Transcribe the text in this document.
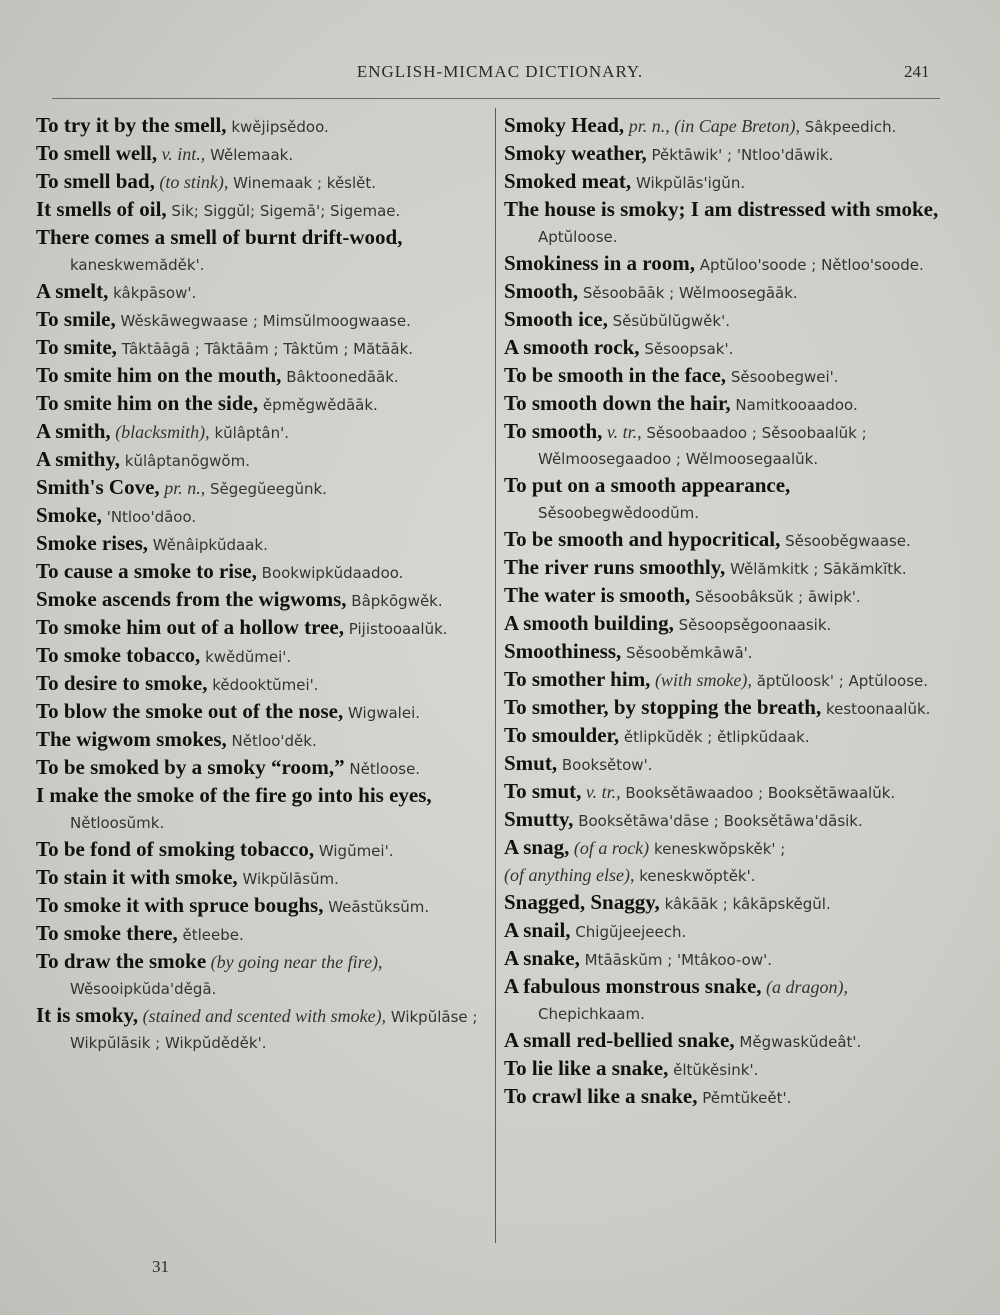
ENGLISH-MICMAC DICTIONARY.	241

To try it by the smell, kwějipsědoo.

To smell well, v. int., Wělemaak.

To smell bad, (to stink), Winemaak ; kěslět.

It smells of oil, Sik; Siggŭl; Sigemā'; Sigemae.

There comes a smell of burnt drift-wood, kaneskwemăděk'.

A smelt, kâkpāsow'.

To smile, Wěskāwegwaase ; Mimsŭlmoogwaase.

To smite, Tâktāāgā ; Tâktāām ; Tâktŭm ; Mătāāk.

To smite him on the mouth, Bâktoonedāāk.

To smite him on the side, ěpměgwědāāk.

A smith, (blacksmith), kŭlâptân'.

A smithy, kŭlâptanōgwŏm.

Smith's Cove, pr. n., Sěgegŭeegŭnk.

Smoke, 'Ntloo'dāoo.

Smoke rises, Wěnâipkŭdaak.

To cause a smoke to rise, Bookwipkŭdaadoo.

Smoke ascends from the wigwoms, Bâpkōgwěk.

To smoke him out of a hollow tree, Pijistooaalŭk.

To smoke tobacco, kwědŭmei'.

To desire to smoke, kědooktŭmei'.

To blow the smoke out of the nose, Wigwalei.

The wigwom smokes, Nětloo'děk.

To be smoked by a smoky “room,” Nětloose.

I make the smoke of the fire go into his eyes, Nětloosŭmk.

To be fond of smoking tobacco, Wigŭmei'.

To stain it with smoke, Wikpŭlāsŭm.

To smoke it with spruce boughs, Weāstŭksŭm.

To smoke there, ětleebe.

To draw the smoke (by going near the fire), Wěsooipkŭda'děgā.

It is smoky, (stained and scented with smoke), Wikpŭlāse ; Wikpŭlāsik ; Wikpŭděděk'.

Smoky Head, pr. n., (in Cape Breton), Sâkpeedich.

Smoky weather, Pěktāwik' ; 'Ntloo'dāwik.

Smoked meat, Wikpŭlās'igŭn.

The house is smoky; I am distressed with smoke, Aptŭloose.

Smokiness in a room, Aptŭloo'soode ; Nětloo'soode.

Smooth, Sěsoobāāk ; Wělmoosegāāk.

Smooth ice, Sěsŭbŭlŭgwěk'.

A smooth rock, Sěsoopsak'.

To be smooth in the face, Sěsoobegwei'.

To smooth down the hair, Namitkooaadoo.

To smooth, v. tr., Sěsoobaadoo ; Sěsoobaalŭk ; Wělmoosegaadoo ; Wělmoosegaalŭk.

To put on a smooth appearance, Sěsoobegwědoodŭm.

To be smooth and hypocritical, Sěsooběgwaase.

The river runs smoothly, Wělămkitk ; Sākămkĭtk.

The water is smooth, Sěsoobâksŭk ; āwipk'.

A smooth building, Sěsoopsěgoonaasik.

Smoothiness, Sěsooběmkāwā'.

To smother him, (with smoke), ăptŭloosk' ; Aptŭloose.

To smother, by stopping the breath, kestoonaalŭk.

To smoulder, ětlipkŭděk ; ětlipkŭdaak.

Smut, Booksětow'.

To smut, v. tr., Booksětāwaadoo ; Booksětāwaalŭk.

Smutty, Booksětāwa'dāse ; Booksětāwa'dāsik.

A snag, (of a rock) keneskwŏpskěk' ;

(of anything else), keneskwŏptěk'.

Snagged, Snaggy, kâkāāk ; kâkāpskěgŭl.

A snail, Chigŭjeejeech.

A snake, Mtāāskŭm ; 'Mtâkoo-ow'.

A fabulous monstrous snake, (a dragon), Chepichkaam.

A small red-bellied snake, Měgwaskŭdeât'.

To lie like a snake, ěltŭkěsink'.

To crawl like a snake, Pěmtŭkeět'.

31
